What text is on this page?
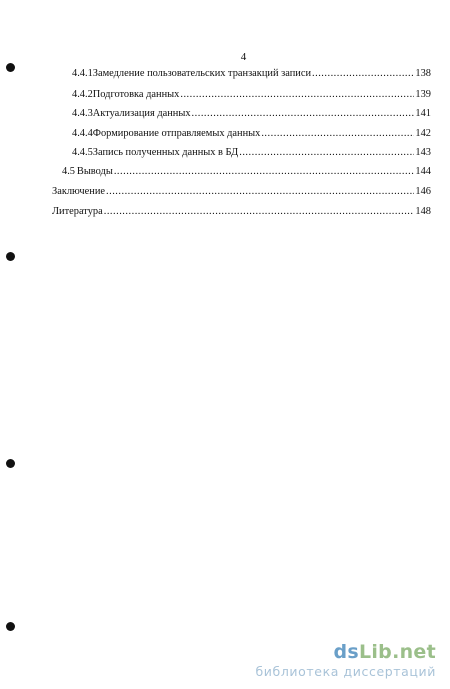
4
4.4.1 Замедление пользовательских транзакций записи .....	138
4.4.2 Подготовка данных .....	139
4.4.3 Актуализация данных .....	141
4.4.4 Формирование отправляемых данных .....	142
4.4.5 Запись полученных данных в БД .....	143
4.5 Выводы .....	144
Заключение .....	146
Литература .....	148
dsLib.net
библиотека диссертаций
